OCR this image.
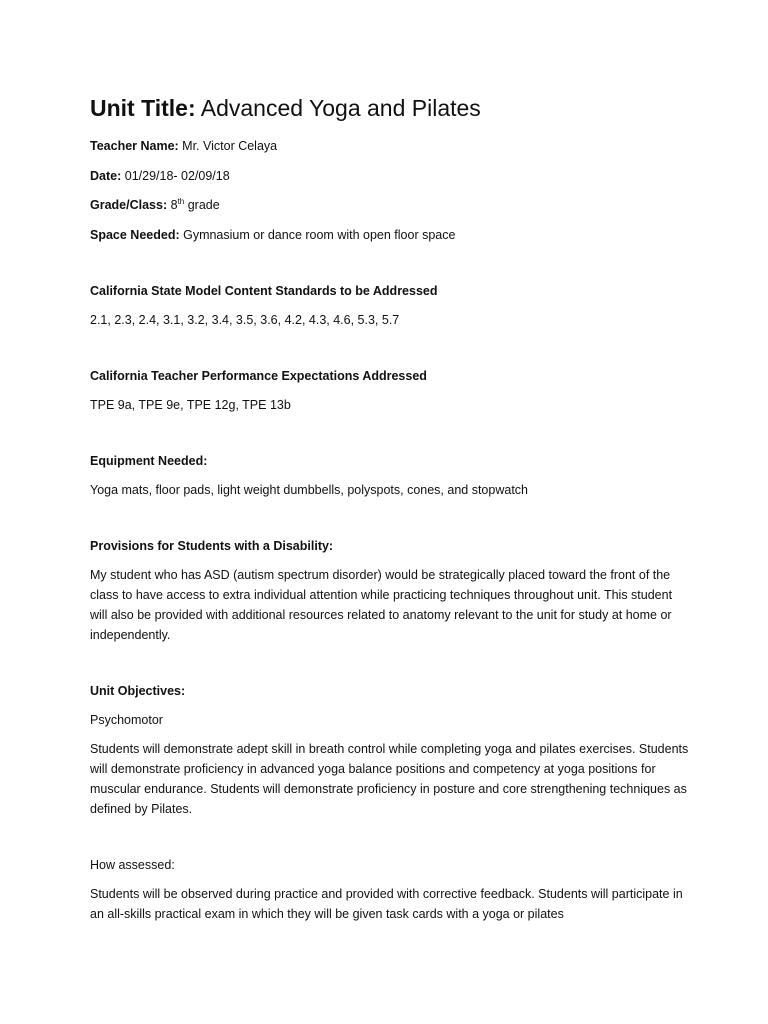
Unit Title: Advanced Yoga and Pilates
Teacher Name: Mr. Victor Celaya
Date: 01/29/18- 02/09/18
Grade/Class: 8th grade
Space Needed: Gymnasium or dance room with open floor space
California State Model Content Standards to be Addressed
2.1, 2.3, 2.4, 3.1, 3.2, 3.4, 3.5, 3.6, 4.2, 4.3, 4.6, 5.3, 5.7
California Teacher Performance Expectations Addressed
TPE 9a, TPE 9e, TPE 12g, TPE 13b
Equipment Needed:
Yoga mats, floor pads, light weight dumbbells, polyspots, cones, and stopwatch
Provisions for Students with a Disability:
My student who has ASD (autism spectrum disorder) would be strategically placed toward the front of the class to have access to extra individual attention while practicing techniques throughout unit. This student will also be provided with additional resources related to anatomy relevant to the unit for study at home or independently.
Unit Objectives:
Psychomotor
Students will demonstrate adept skill in breath control while completing yoga and pilates exercises. Students will demonstrate proficiency in advanced yoga balance positions and competency at yoga positions for muscular endurance. Students will demonstrate proficiency in posture and core strengthening techniques as defined by Pilates.
How assessed:
Students will be observed during practice and provided with corrective feedback. Students will participate in an all-skills practical exam in which they will be given task cards with a yoga or pilates
